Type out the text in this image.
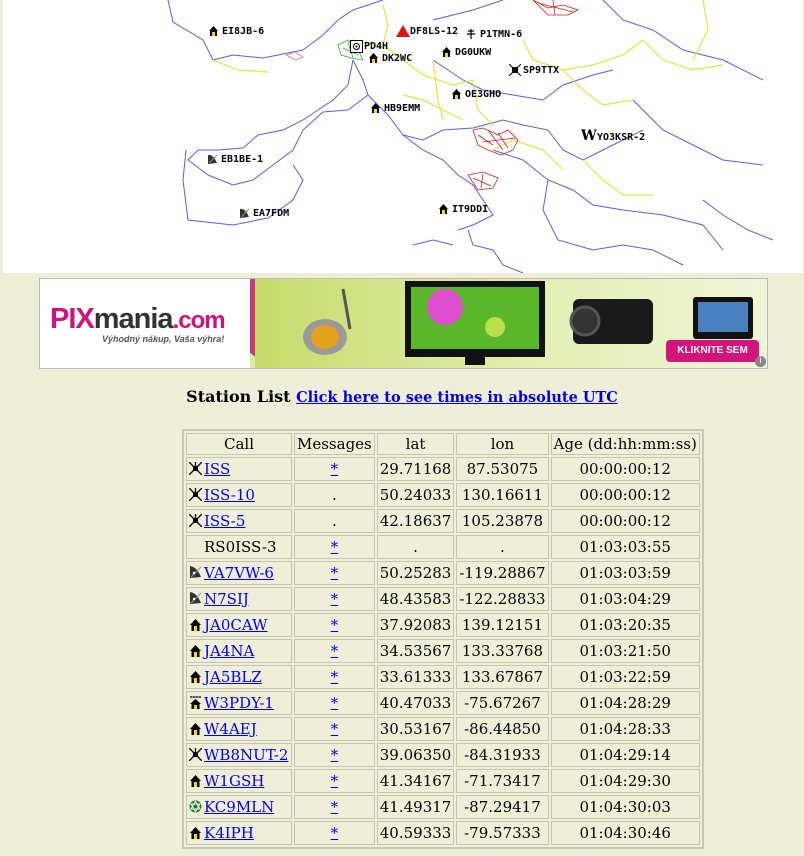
EI8JB-6	DF8LS-12	P1TMN-6
PD4H
DK2WC
DG0UKW
SP9TTX
OE3GHO
HB9EMM
WYO3KSR-2
EB1BE-1
EA7FDM	IT9DDI
PIXmania.com
Výhodný nákup, Vaša výhra!
KLIKNITE SEM
i
Station List Click here to see times in absolute UTC
Call	Messages	lat	lon	Age (dd:hh:mm:ss)
ISS	*	29.71168	87.53075	00:00:00:12
ISS-10	.	50.24033	130.16611	00:00:00:12
ISS-5	.	42.18637	105.23878	00:00:00:12
RS0ISS-3	*	.	.	01:03:03:55
VA7VW-6	*	50.25283	-119.28867	01:03:03:59
N7SIJ	*	48.43583	-122.28833	01:03:04:29
JA0CAW	*	37.92083	139.12151	01:03:20:35
JA4NA	*	34.53567	133.33768	01:03:21:50
JA5BLZ	*	33.61333	133.67867	01:03:22:59
W3PDY-1	*	40.47033	-75.67267	01:04:28:29
W4AEJ	*	30.53167	-86.44850	01:04:28:33
WB8NUT-2	*	39.06350	-84.31933	01:04:29:14
W1GSH	*	41.34167	-71.73417	01:04:29:30
KC9MLN	*	41.49317	-87.29417	01:04:30:03
K4IPH	*	40.59333	-79.57333	01:04:30:46
